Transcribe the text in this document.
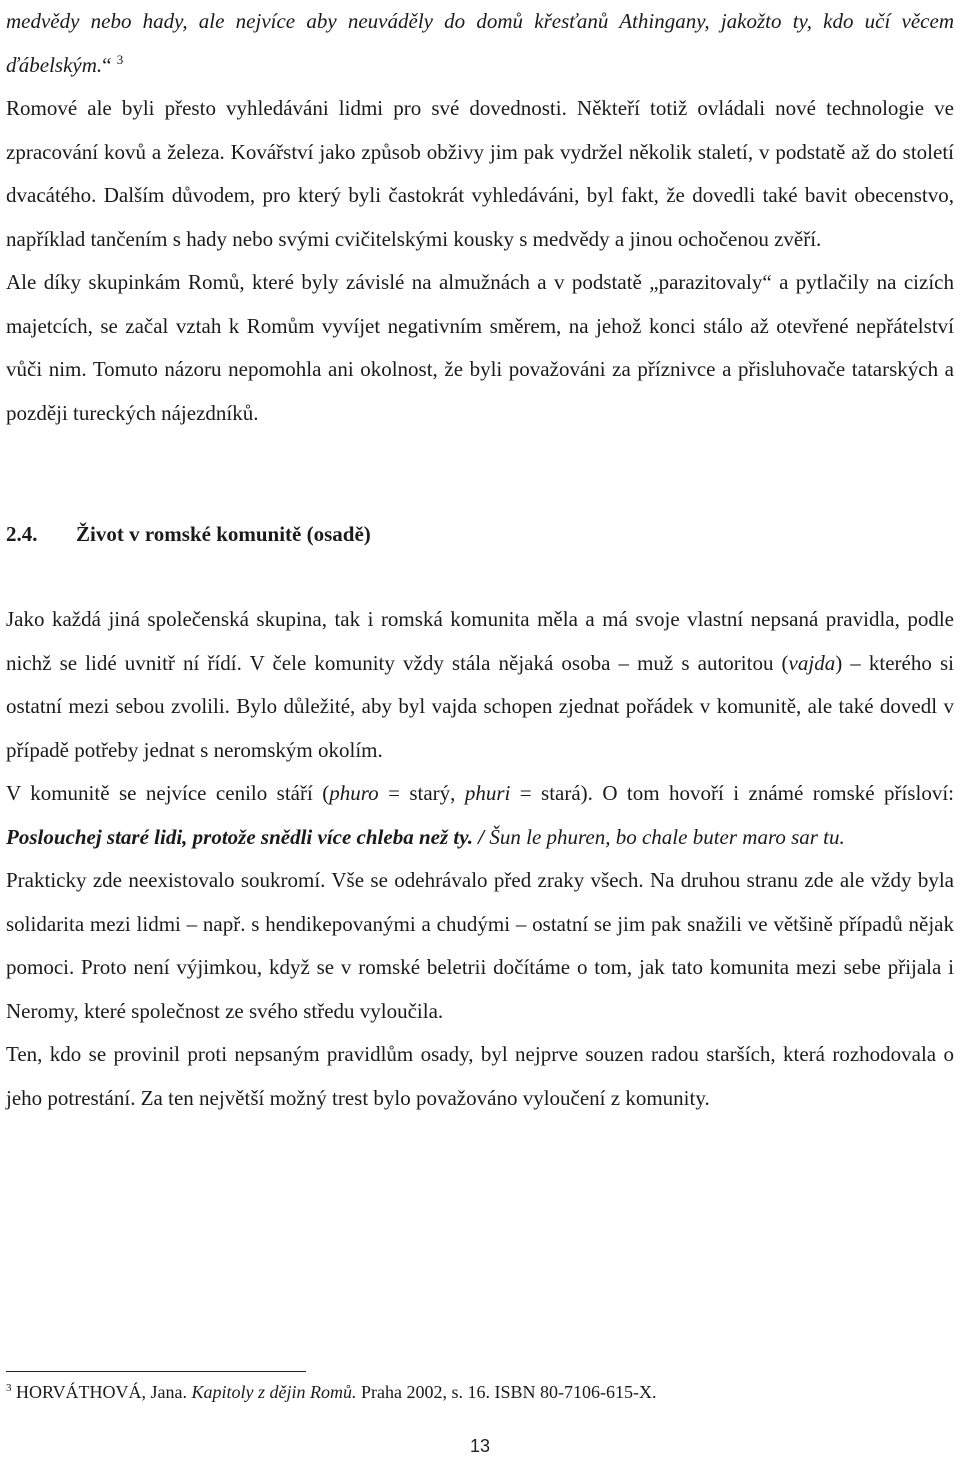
medvědy nebo hady, ale nejvíce aby neuváděly do domů křesťanů Athingany, jakožto ty, kdo učí věcem ďábelským.“ $^3$

Romové ale byli přesto vyhledáváni lidmi pro své dovednosti. Někteří totiž ovládali nové technologie ve zpracování kovů a železa. Kovářství jako způsob obživy jim pak vydržel několik staletí, v podstatě až do století dvacátého. Dalším důvodem, pro který byli častokrát vyhledáváni, byl fakt, že dovedli také bavit obecenstvo, například tančením s hady nebo svými cvičitelskými kousky s medvědy a jinou ochočenou zvěří.

Ale díky skupinkám Romů, které byly závislé na almužnách a v podstatě „parazitovaly“ a pytlačily na cizích majetcích, se začal vztah k Romům vyvíjet negativním směrem, na jehož konci stálo až otevřené nepřátelství vůči nim. Tomuto názoru nepomohla ani okolnost, že byli považováni za příznivce a přisluhovače tatarských a později tureckých nájezdníků.

2.4. Život v romské komunitě (osadě)

Jako každá jiná společenská skupina, tak i romská komunita měla a má svoje vlastní nepsaná pravidla, podle nichž se lidé uvnitř ní řídí. V čele komunity vždy stála nějaká osoba – muž s autoritou (vajda) – kterého si ostatní mezi sebou zvolili. Bylo důležité, aby byl vajda schopen zjednat pořádek v komunitě, ale také dovedl v případě potřeby jednat s neromským okolím.

V komunitě se nejvíce cenilo stáří (phuro = starý, phuri = stará). O tom hovoří i známé romské přísloví: Poslouchej staré lidi, protože snědli více chleba než ty. / Šun le phuren, bo chale buter maro sar tu.

Prakticky zde neexistovalo soukromí. Vše se odehrávalo před zraky všech. Na druhou stranu zde ale vždy byla solidarita mezi lidmi – např. s hendikepovanými a chudými – ostatní se jim pak snažili ve většině případů nějak pomoci. Proto není výjimkou, když se v romské beletrii dočítáme o tom, jak tato komunita mezi sebe přijala i Neromy, které společnost ze svého středu vyloučila.

Ten, kdo se provinil proti nepsaným pravidlům osady, byl nejprve souzen radou starších, která rozhodovala o jeho potrestání. Za ten největší možný trest bylo považováno vyloučení z komunity.

$^3$ HORVÁTHOVÁ, Jana. Kapitoly z dějin Romů. Praha 2002, s. 16. ISBN 80-7106-615-X.

13
